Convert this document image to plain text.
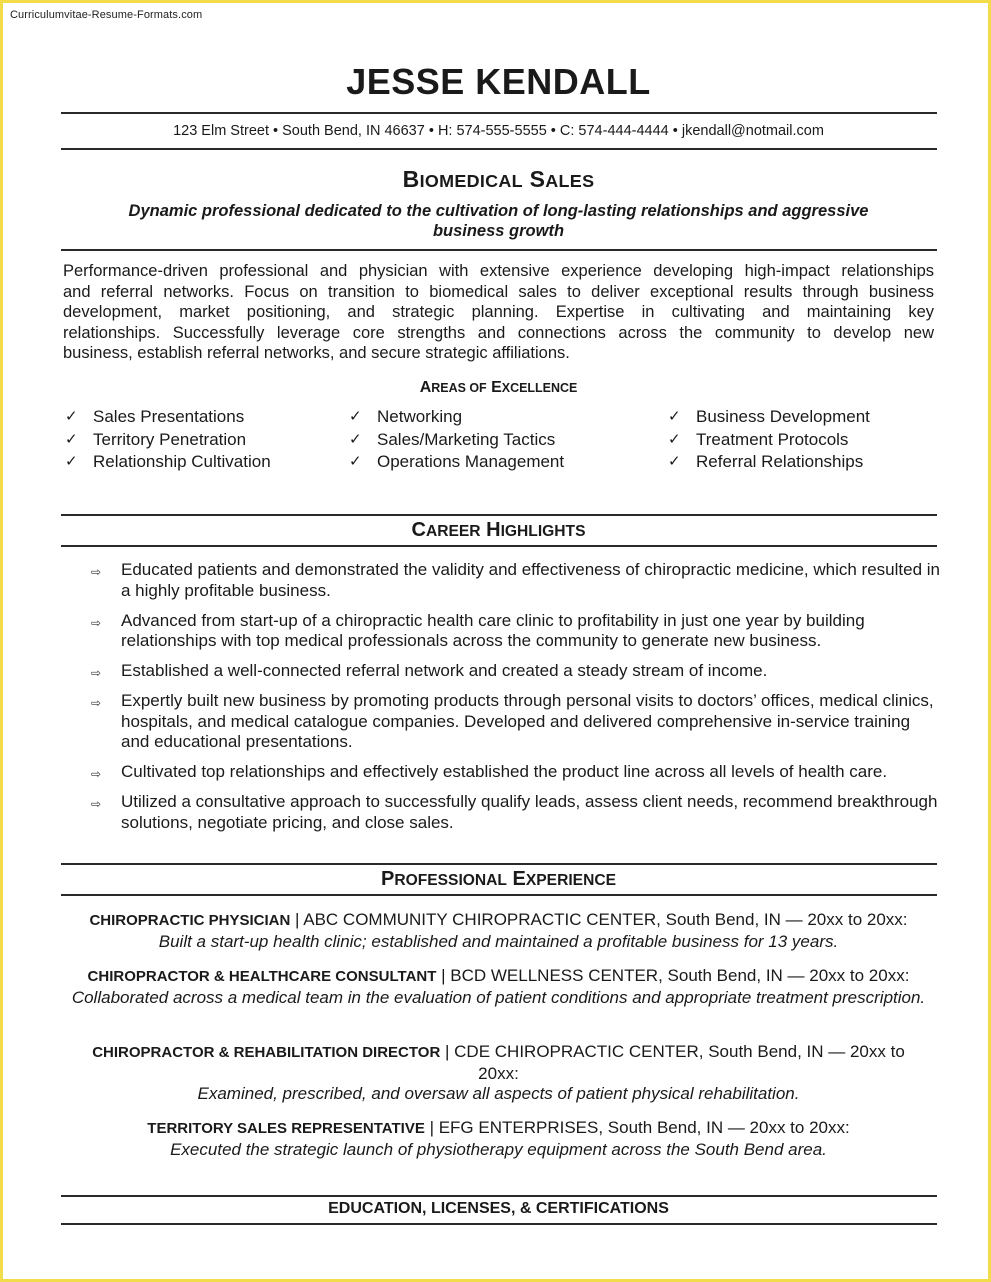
Curriculumvitae-Resume-Formats.com
JESSE KENDALL
123 Elm Street • South Bend, IN 46637 • H: 574-555-5555 • C: 574-444-4444 • jkendall@notmail.com
BIOMEDICAL SALES
Dynamic professional dedicated to the cultivation of long-lasting relationships and aggressive business growth
Performance-driven professional and physician with extensive experience developing high-impact relationships
and referral networks. Focus on transition to biomedical sales to deliver exceptional results through business
development, market positioning, and strategic planning. Expertise in cultivating and maintaining key
relationships. Successfully leverage core strengths and connections across the community to develop new
business, establish referral networks, and secure strategic affiliations.
AREAS OF EXCELLENCE
✓ Sales Presentations
✓ Territory Penetration
✓ Relationship Cultivation
✓ Networking
✓ Sales/Marketing Tactics
✓ Operations Management
✓ Business Development
✓ Treatment Protocols
✓ Referral Relationships
CAREER HIGHLIGHTS
⇨ Educated patients and demonstrated the validity and effectiveness of chiropractic medicine, which resulted in a highly profitable business.
⇨ Advanced from start-up of a chiropractic health care clinic to profitability in just one year by building relationships with top medical professionals across the community to generate new business.
⇨ Established a well-connected referral network and created a steady stream of income.
⇨ Expertly built new business by promoting products through personal visits to doctors’ offices, medical clinics, hospitals, and medical catalogue companies. Developed and delivered comprehensive in-service training and educational presentations.
⇨ Cultivated top relationships and effectively established the product line across all levels of health care.
⇨ Utilized a consultative approach to successfully qualify leads, assess client needs, recommend breakthrough solutions, negotiate pricing, and close sales.
PROFESSIONAL EXPERIENCE
CHIROPRACTIC PHYSICIAN | ABC COMMUNITY CHIROPRACTIC CENTER, South Bend, IN — 20xx to 20xx:
Built a start-up health clinic; established and maintained a profitable business for 13 years.
CHIROPRACTOR & HEALTHCARE CONSULTANT | BCD WELLNESS CENTER, South Bend, IN — 20xx to 20xx:
Collaborated across a medical team in the evaluation of patient conditions and appropriate treatment prescription.
CHIROPRACTOR & REHABILITATION DIRECTOR | CDE CHIROPRACTIC CENTER, South Bend, IN — 20xx to 20xx:
Examined, prescribed, and oversaw all aspects of patient physical rehabilitation.
TERRITORY SALES REPRESENTATIVE | EFG ENTERPRISES, South Bend, IN — 20xx to 20xx:
Executed the strategic launch of physiotherapy equipment across the South Bend area.
EDUCATION, LICENSES, & CERTIFICATIONS
